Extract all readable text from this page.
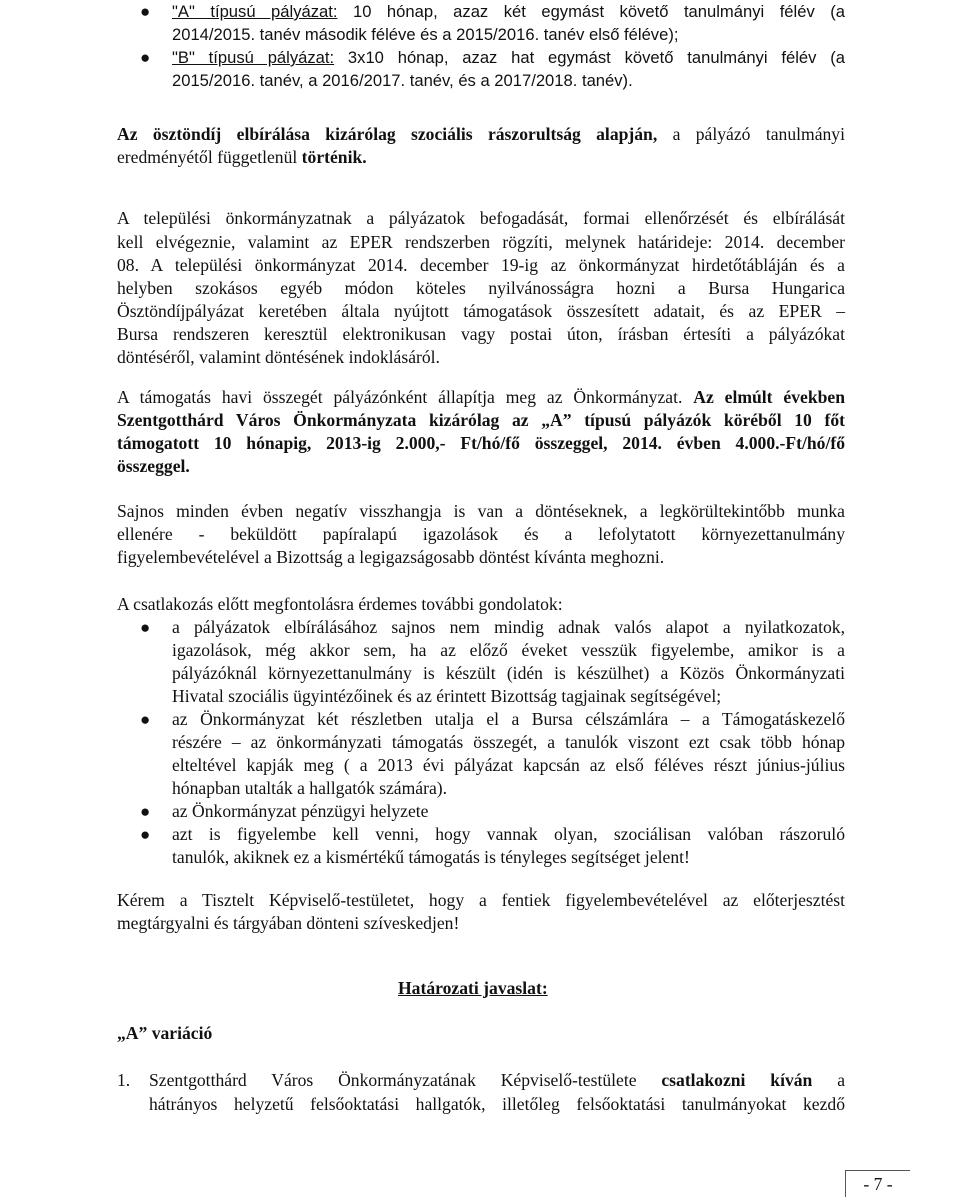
● "A" típusú pályázat: 10 hónap, azaz két egymást követő tanulmányi félév (a

2014/2015. tanév második féléve és a 2015/2016. tanév első féléve);

● "B" típusú pályázat: 3x10 hónap, azaz hat egymást követő tanulmányi félév (a

2015/2016. tanév, a 2016/2017. tanév, és a 2017/2018. tanév).

Az ösztöndíj elbírálása kizárólag szociális rászorultság alapján, a pályázó tanulmányi

eredményétől függetlenül történik.

A települési önkormányzatnak a pályázatok befogadását, formai ellenőrzését és elbírálását

kell elvégeznie, valamint az EPER rendszerben rögzíti, melynek határideje: 2014. december

08. A települési önkormányzat 2014. december 19-ig az önkormányzat hirdetőtábláján és a

helyben szokásos egyéb módon köteles nyilvánosságra hozni a Bursa Hungarica

Ösztöndíjpályázat keretében általa nyújtott támogatások összesített adatait, és az EPER –

Bursa rendszeren keresztül elektronikusan vagy postai úton, írásban értesíti a pályázókat

döntéséről, valamint döntésének indoklásáról.

A támogatás havi összegét pályázónként állapítja meg az Önkormányzat. Az elmúlt években

Szentgotthárd Város Önkormányzata kizárólag az „A” típusú pályázók köréből 10 főt

támogatott 10 hónapig, 2013-ig 2.000,- Ft/hó/fő összeggel, 2014. évben 4.000.-Ft/hó/fő

összeggel.

Sajnos minden évben negatív visszhangja is van a döntéseknek, a legkörültekintőbb munka

ellenére - beküldött papíralapú igazolások és a lefolytatott környezettanulmány

figyelembevételével a Bizottság a legigazságosabb döntést kívánta meghozni.

A csatlakozás előtt megfontolásra érdemes további gondolatok:

● a pályázatok elbírálásához sajnos nem mindig adnak valós alapot a nyilatkozatok,

igazolások, még akkor sem, ha az előző éveket vesszük figyelembe, amikor is a

pályázóknál környezettanulmány is készült (idén is készülhet) a Közös Önkormányzati

Hivatal szociális ügyintézőinek és az érintett Bizottság tagjainak segítségével;

● az Önkormányzat két részletben utalja el a Bursa célszámlára – a Támogatáskezelő

részére – az önkormányzati támogatás összegét, a tanulók viszont ezt csak több hónap

elteltével kapják meg ( a 2013 évi pályázat kapcsán az első féléves részt június-július

hónapban utalták a hallgatók számára).

● az Önkormányzat pénzügyi helyzete

● azt is figyelembe kell venni, hogy vannak olyan, szociálisan valóban rászoruló

tanulók, akiknek ez a kismértékű támogatás is tényleges segítséget jelent!

Kérem a Tisztelt Képviselő-testületet, hogy a fentiek figyelembevételével az előterjesztést

megtárgyalni és tárgyában dönteni szíveskedjen!

Határozati javaslat:

„A” variáció

1.	Szentgotthárd Város Önkormányzatának Képviselő-testülete csatlakozni kíván a

hátrányos helyzetű felsőoktatási hallgatók, illetőleg felsőoktatási tanulmányokat kezdő

- 7 -
